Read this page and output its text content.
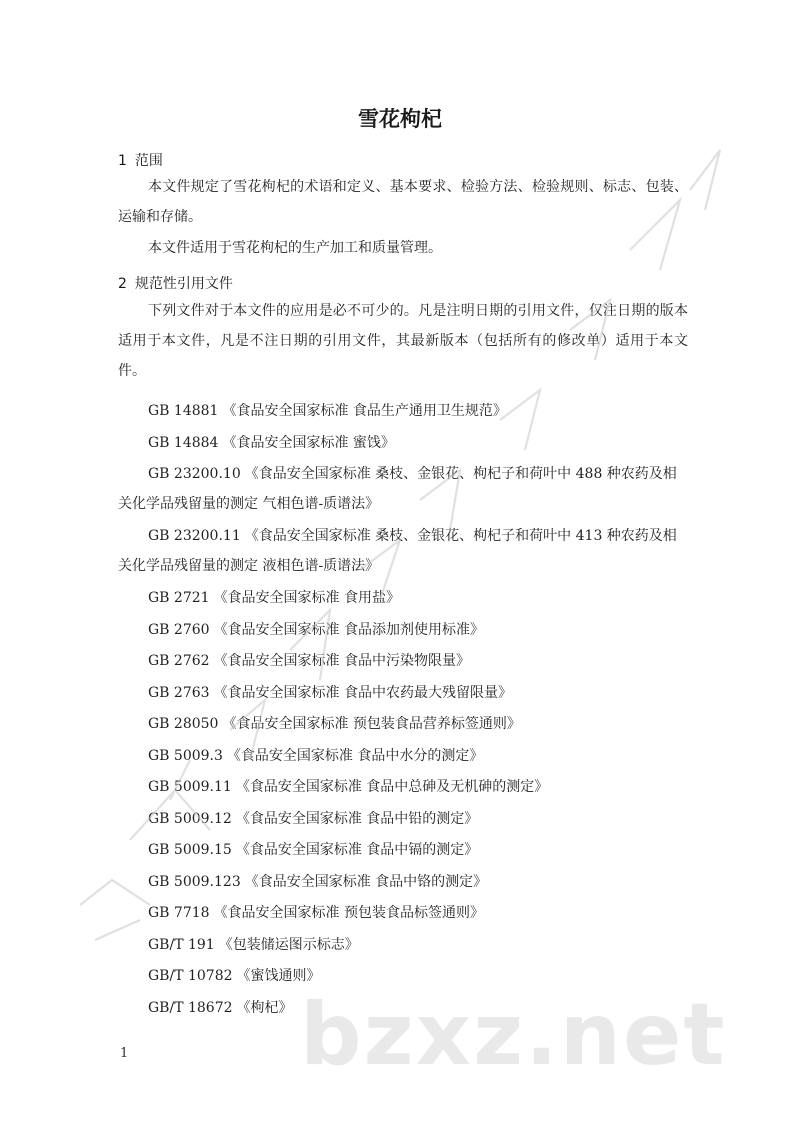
雪花枸杞
1 范围
本文件规定了雪花枸杞的术语和定义、基本要求、检验方法、检验规则、标志、包装、运输和存储。
本文件适用于雪花枸杞的生产加工和质量管理。
2 规范性引用文件
下列文件对于本文件的应用是必不可少的。凡是注明日期的引用文件，仅注日期的版本适用于本文件，凡是不注日期的引用文件，其最新版本（包括所有的修改单）适用于本文件。
GB 14881 《食品安全国家标准 食品生产通用卫生规范》
GB 14884 《食品安全国家标准 蜜饯》
GB 23200.10 《食品安全国家标准 桑枝、金银花、枸杞子和荷叶中 488 种农药及相关化学品残留量的测定 气相色谱-质谱法》
GB 23200.11 《食品安全国家标准 桑枝、金银花、枸杞子和荷叶中 413 种农药及相关化学品残留量的测定 液相色谱-质谱法》
GB 2721 《食品安全国家标准 食用盐》
GB 2760 《食品安全国家标准 食品添加剂使用标准》
GB 2762 《食品安全国家标准 食品中污染物限量》
GB 2763 《食品安全国家标准 食品中农药最大残留限量》
GB 28050 《食品安全国家标准 预包装食品营养标签通则》
GB 5009.3 《食品安全国家标准 食品中水分的测定》
GB 5009.11 《食品安全国家标准 食品中总砷及无机砷的测定》
GB 5009.12 《食品安全国家标准 食品中铅的测定》
GB 5009.15 《食品安全国家标准 食品中镉的测定》
GB 5009.123 《食品安全国家标准 食品中铬的测定》
GB 7718 《食品安全国家标准 预包装食品标签通则》
GB/T 191 《包装储运图示标志》
GB/T 10782 《蜜饯通则》
GB/T 18672 《枸杞》
1 bzxz.net
